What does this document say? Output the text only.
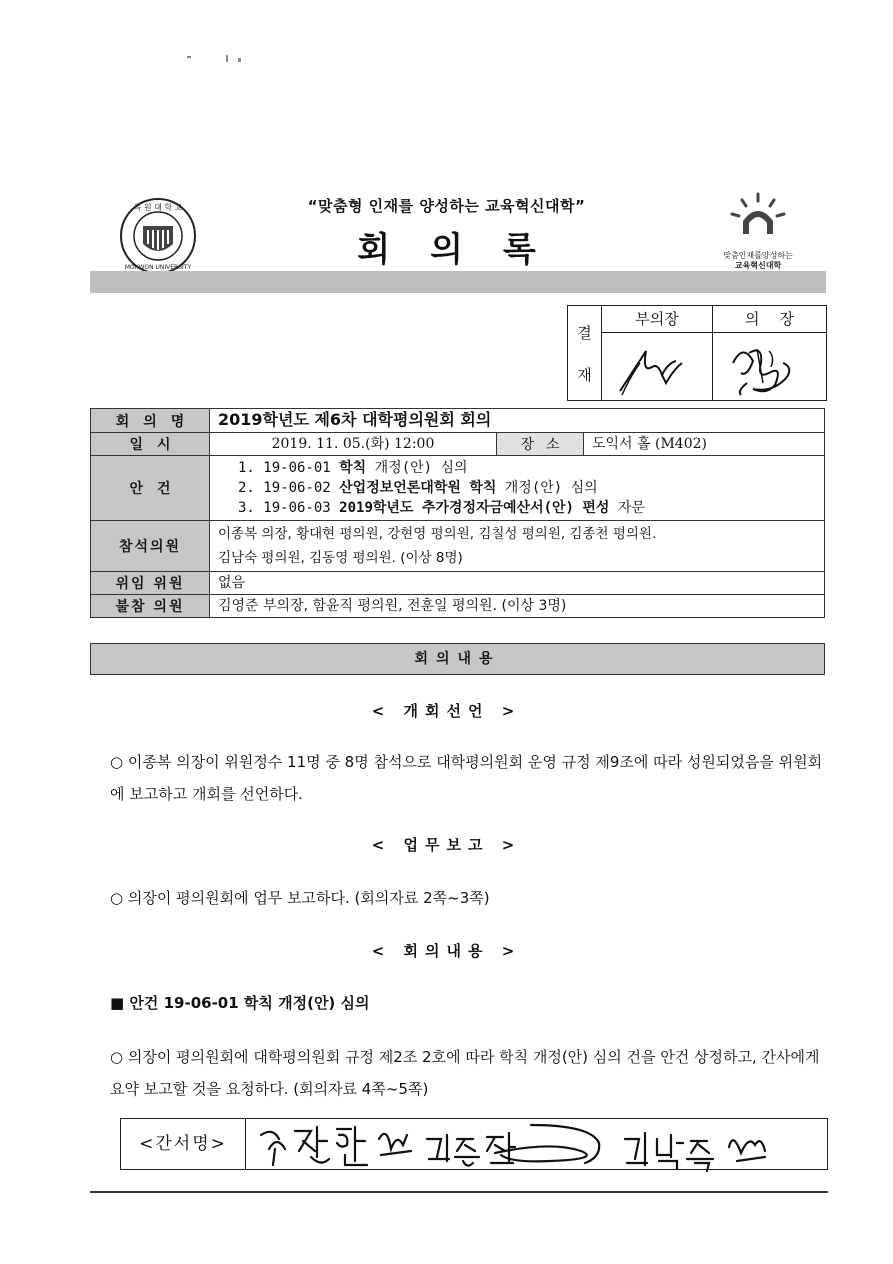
목 원 대 학 교
MOKWON UNIVERSITY
“맞춤형 인재를 양성하는 교육혁신대학”
회의록	맞춤인재를양성하는
교육혁신대학
결
재
부의장	의장
회의명	2019학년도 제6차 대학평의원회 회의		
일시	2019. 11. 05.(화) 12:00	장소	도익서 홀 (M402)
안건	1. 19-06-01 학칙 개정(안) 심의
2. 19-06-02 산업정보언론대학원 학칙 개정(안) 심의
3. 19-06-03 2019학년도 추가경정자금예산서(안) 편성 자문		

참석의원	이종복 의장, 황대현 평의원, 강현영 평의원, 김칠성 평의원, 김종천 평의원.
김남숙 평의원, 김동영 평의원. (이상 8명)		

위임 위원	없음		
불참 의원	김영준 부의장, 함윤직 평의원, 전훈일 평의원. (이상 3명)		
회의내용
< 개회선언 >
○ 이종복 의장이 위원정수 11명 중 8명 참석으로 대학평의원회 운영 규정 제9조에 따라 성원되었음을 위원회에 보고하고 개회를 선언하다.
< 업무보고 >
○ 의장이 평의원회에 업무 보고하다. (회의자료 2쪽~3쪽)
< 회의내용 >
■ 안건 19-06-01 학칙 개정(안) 심의
○ 의장이 평의원회에 대학평의원회 규정 제2조 2호에 따라 학칙 개정(안) 심의 건을 안건 상정하고, 간사에게 요약 보고할 것을 요청하다. (회의자료 4쪽~5쪽)
<간서명>
